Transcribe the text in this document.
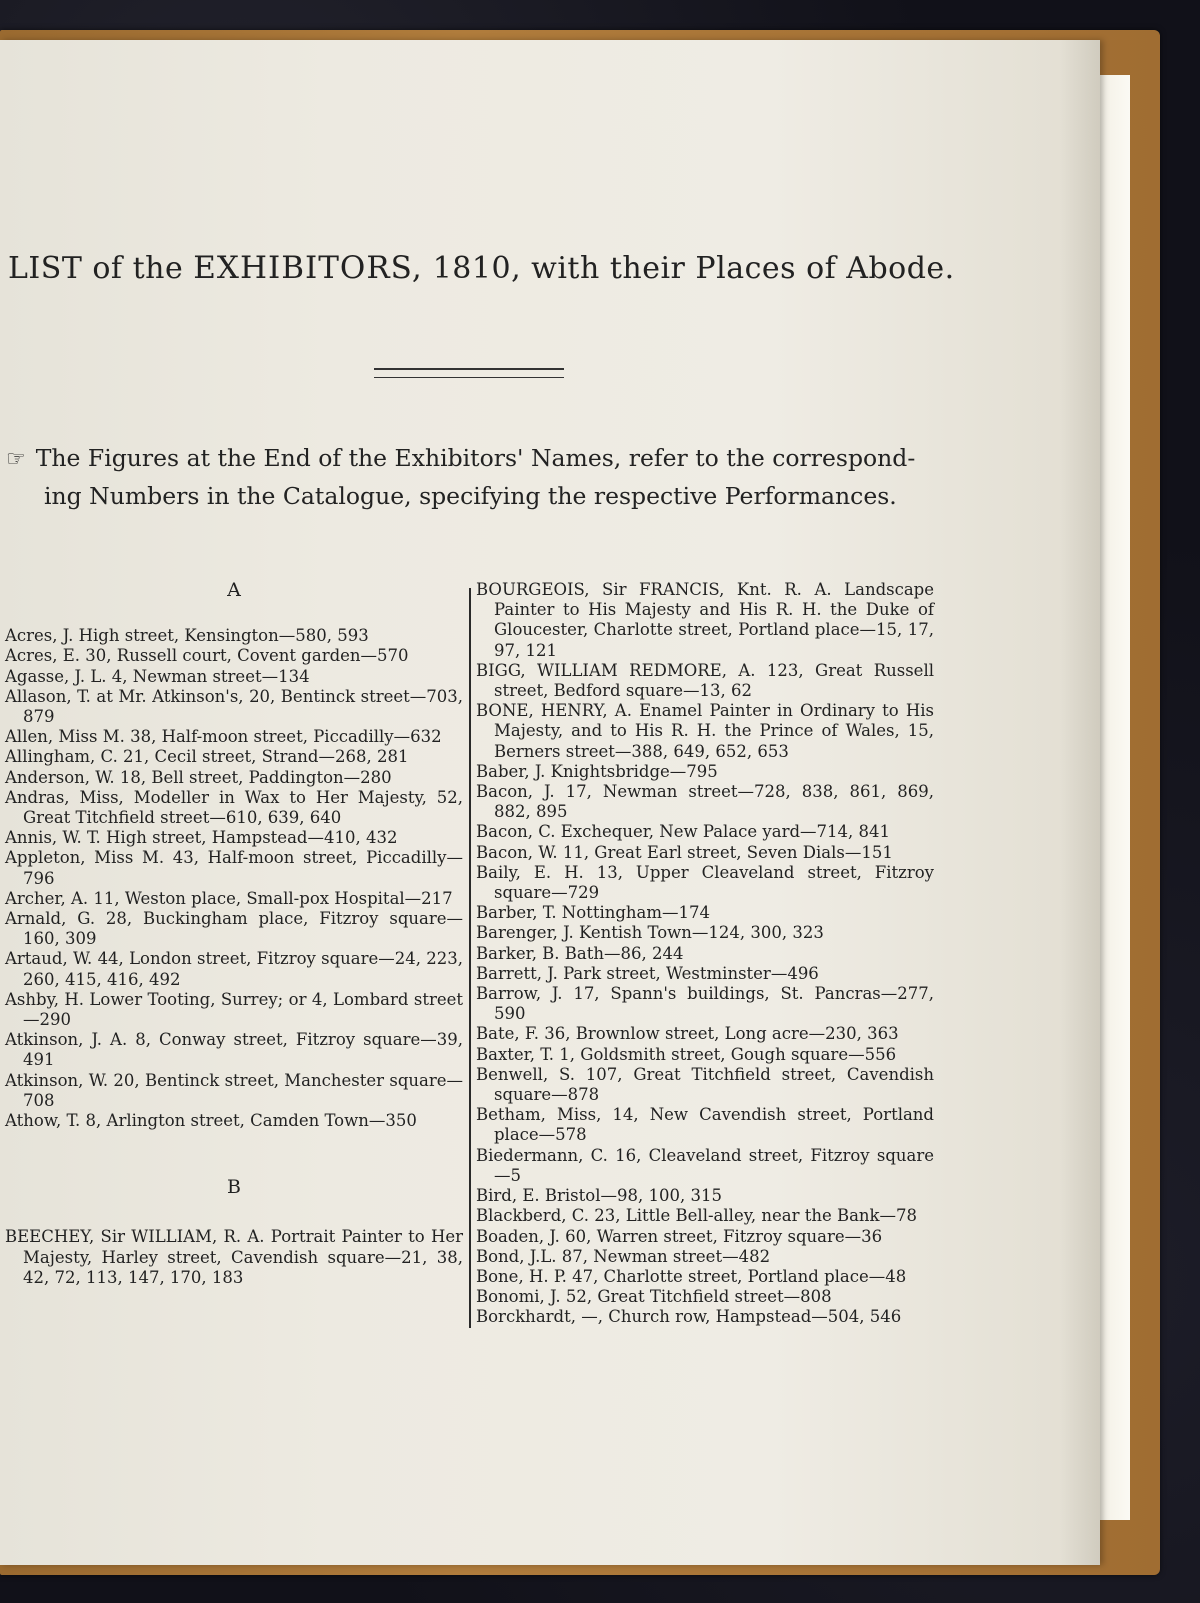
LIST of the EXHIBITORS, 1810, with their Places of Abode.
☞ The Figures at the End of the Exhibitors' Names, refer to the correspond-
ing Numbers in the Catalogue, specifying the respective Performances.

A

Acres, J. High street, Kensington—580, 593
Acres, E. 30, Russell court, Covent garden—570
Agasse, J. L. 4, Newman street—134
Allason, T. at Mr. Atkinson's, 20, Bentinck street—703, 879
Allen, Miss M. 38, Half-moon street, Piccadilly—632
Allingham, C. 21, Cecil street, Strand—268, 281
Anderson, W. 18, Bell street, Paddington—280
Andras, Miss, Modeller in Wax to Her Majesty, 52, Great Titchfield street—610, 639, 640
Annis, W. T. High street, Hampstead—410, 432
Appleton, Miss M. 43, Half-moon street, Piccadilly—796
Archer, A. 11, Weston place, Small-pox Hospital—217
Arnald, G. 28, Buckingham place, Fitzroy square—160, 309
Artaud, W. 44, London street, Fitzroy square—24, 223, 260, 415, 416, 492
Ashby, H. Lower Tooting, Surrey; or 4, Lombard street—290
Atkinson, J. A. 8, Conway street, Fitzroy square—39, 491
Atkinson, W. 20, Bentinck street, Manchester square—708
Athow, T. 8, Arlington street, Camden Town—350

B

BEECHEY, Sir WILLIAM, R. A. Portrait Painter to Her Majesty, Harley street, Cavendish square—21, 38, 42, 72, 113, 147, 170, 183
BOURGEOIS, Sir FRANCIS, Knt. R. A. Landscape Painter to His Majesty and His R. H. the Duke of Gloucester, Charlotte street, Portland place—15, 17, 97, 121
BIGG, WILLIAM REDMORE, A. 123, Great Russell street, Bedford square—13, 62
BONE, HENRY, A. Enamel Painter in Ordinary to His Majesty, and to His R. H. the Prince of Wales, 15, Berners street—388, 649, 652, 653
Baber, J. Knightsbridge—795
Bacon, J. 17, Newman street—728, 838, 861, 869, 882, 895
Bacon, C. Exchequer, New Palace yard—714, 841
Bacon, W. 11, Great Earl street, Seven Dials—151
Baily, E. H. 13, Upper Cleaveland street, Fitzroy square—729
Barber, T. Nottingham—174
Barenger, J. Kentish Town—124, 300, 323
Barker, B. Bath—86, 244
Barrett, J. Park street, Westminster—496
Barrow, J. 17, Spann's buildings, St. Pancras—277, 590
Bate, F. 36, Brownlow street, Long acre—230, 363
Baxter, T. 1, Goldsmith street, Gough square—556
Benwell, S. 107, Great Titchfield street, Cavendish square—878
Betham, Miss, 14, New Cavendish street, Portland place—578
Biedermann, C. 16, Cleaveland street, Fitzroy square—5
Bird, E. Bristol—98, 100, 315
Blackberd, C. 23, Little Bell-alley, near the Bank—78
Boaden, J. 60, Warren street, Fitzroy square—36
Bond, J.L. 87, Newman street—482
Bone, H. P. 47, Charlotte street, Portland place—48
Bonomi, J. 52, Great Titchfield street—808
Borckhardt, —, Church row, Hampstead—504, 546
